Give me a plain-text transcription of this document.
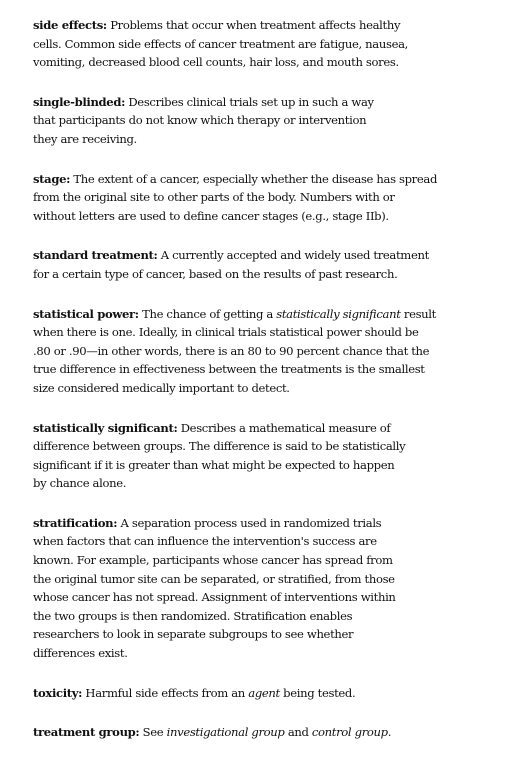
side effects: Problems that occur when treatment affects healthy
cells. Common side effects of cancer treatment are fatigue, nausea,
vomiting, decreased blood cell counts, hair loss, and mouth sores.
single-blinded: Describes clinical trials set up in such a way
that participants do not know which therapy or intervention
they are receiving.
stage: The extent of a cancer, especially whether the disease has spread
from the original site to other parts of the body. Numbers with or
without letters are used to define cancer stages (e.g., stage IIb).
standard treatment: A currently accepted and widely used treatment
for a certain type of cancer, based on the results of past research.
statistical power: The chance of getting a statistically significant result
when there is one. Ideally, in clinical trials statistical power should be
.80 or .90—in other words, there is an 80 to 90 percent chance that the
true difference in effectiveness between the treatments is the smallest
size considered medically important to detect.
statistically significant: Describes a mathematical measure of
difference between groups. The difference is said to be statistically
significant if it is greater than what might be expected to happen
by chance alone.
stratification: A separation process used in randomized trials
when factors that can influence the intervention's success are
known. For example, participants whose cancer has spread from
the original tumor site can be separated, or stratified, from those
whose cancer has not spread. Assignment of interventions within
the two groups is then randomized. Stratification enables
researchers to look in separate subgroups to see whether
differences exist.
toxicity: Harmful side effects from an agent being tested.
treatment group: See investigational group and control group.
